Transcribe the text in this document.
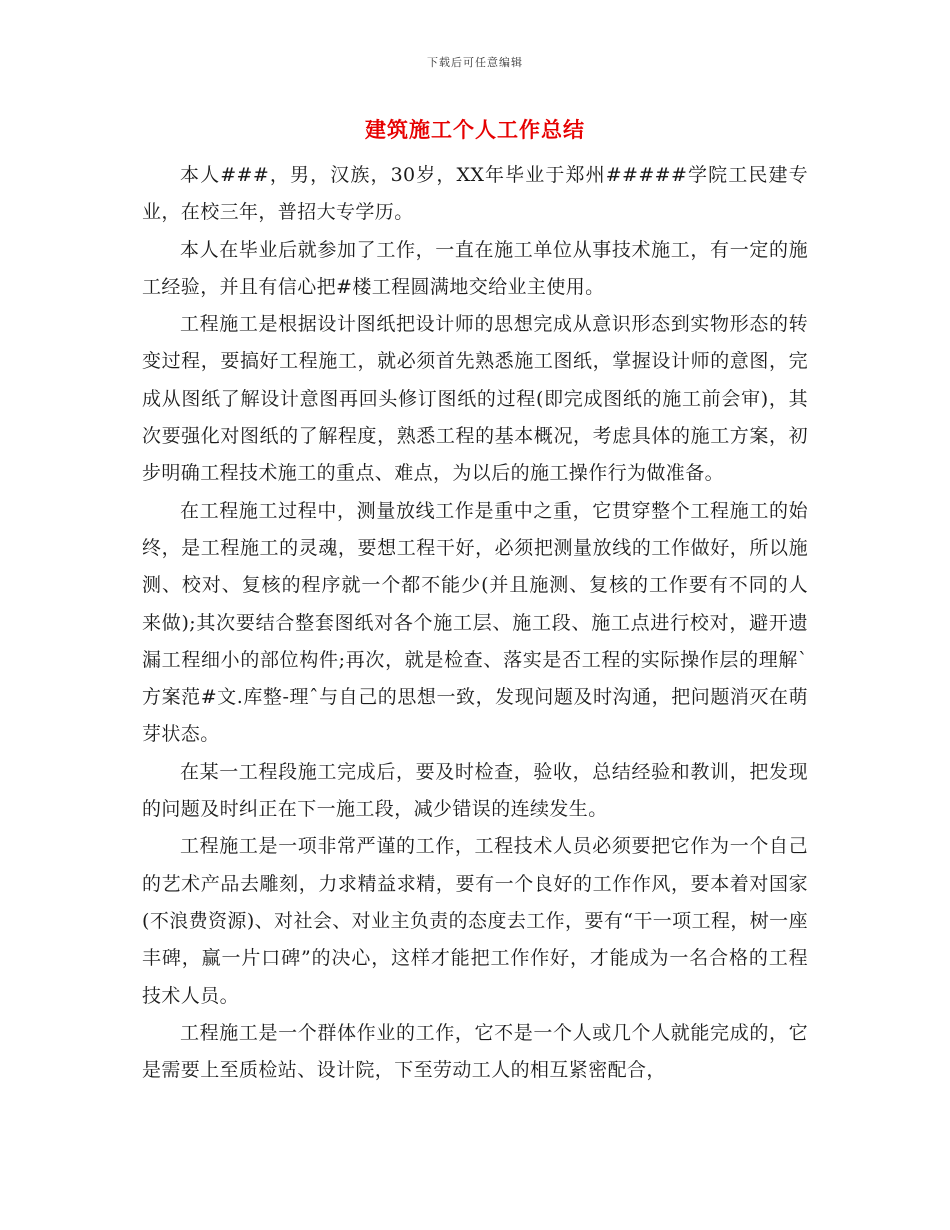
下载后可任意编辑
建筑施工个人工作总结

本人###，男，汉族，30岁，XX年毕业于郑州#####学院工民建专业，在校三年，普招大专学历。

本人在毕业后就参加了工作，一直在施工单位从事技术施工，有一定的施工经验，并且有信心把#楼工程圆满地交给业主使用。

工程施工是根据设计图纸把设计师的思想完成从意识形态到实物形态的转变过程，要搞好工程施工，就必须首先熟悉施工图纸，掌握设计师的意图，完成从图纸了解设计意图再回头修订图纸的过程(即完成图纸的施工前会审)，其次要强化对图纸的了解程度，熟悉工程的基本概况，考虑具体的施工方案，初步明确工程技术施工的重点、难点，为以后的施工操作行为做准备。

在工程施工过程中，测量放线工作是重中之重，它贯穿整个工程施工的始终，是工程施工的灵魂，要想工程干好，必须把测量放线的工作做好，所以施测、校对、复核的程序就一个都不能少(并且施测、复核的工作要有不同的人来做);其次要结合整套图纸对各个施工层、施工段、施工点进行校对，避开遗漏工程细小的部位构件;再次，就是检查、落实是否工程的实际操作层的理解`方案范#文.库整-理ˆ与自己的思想一致，发现问题及时沟通，把问题消灭在萌芽状态。

在某一工程段施工完成后，要及时检查，验收，总结经验和教训，把发现的问题及时纠正在下一施工段，减少错误的连续发生。

工程施工是一项非常严谨的工作，工程技术人员必须要把它作为一个自己的艺术产品去雕刻，力求精益求精，要有一个良好的工作作风，要本着对国家(不浪费资源)、对社会、对业主负责的态度去工作，要有“干一项工程，树一座丰碑，赢一片口碑”的决心，这样才能把工作作好，才能成为一名合格的工程技术人员。

工程施工是一个群体作业的工作，它不是一个人或几个人就能完成的，它是需要上至质检站、设计院，下至劳动工人的相互紧密配合，
